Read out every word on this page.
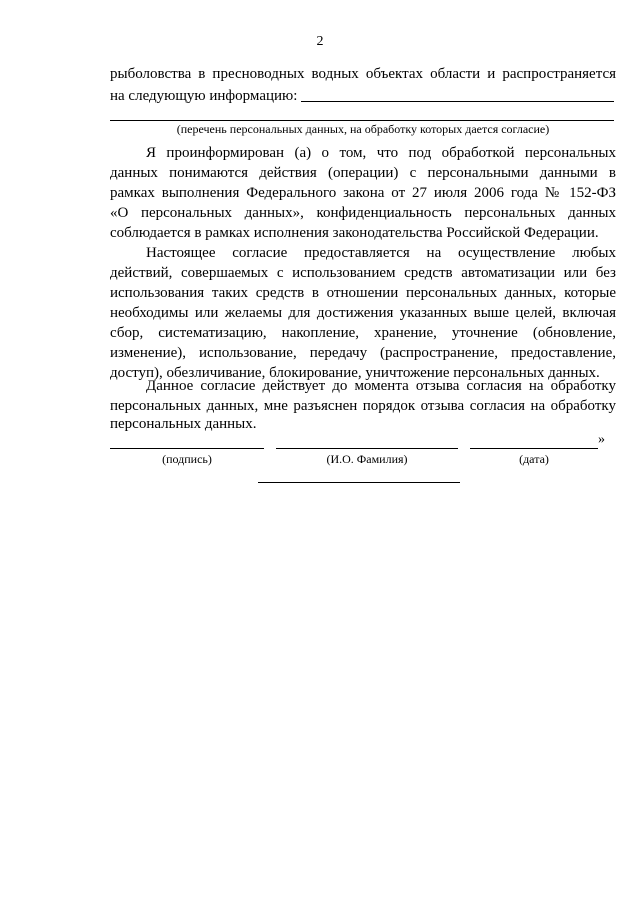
2
рыболовства в пресноводных водных объектах области и распространяется
на следующую информацию:
(перечень персональных данных, на обработку которых дается согласие)
Я проинформирован (а) о том, что под обработкой персональных
данных понимаются действия (операции) с персональными данными в
рамках выполнения Федерального закона от 27 июля 2006 года № 152-ФЗ
«О персональных данных», конфиденциальность персональных данных
соблюдается в рамках исполнения законодательства Российской Федерации.
Настоящее согласие предоставляется на осуществление любых
действий, совершаемых с использованием средств автоматизации или без
использования таких средств в отношении персональных данных, которые
необходимы или желаемы для достижения указанных выше целей, включая
сбор, систематизацию, накопление, хранение, уточнение (обновление,
изменение), использование, передачу (распространение, предоставление,
доступ), обезличивание, блокирование, уничтожение персональных данных.
Данное согласие действует до момента отзыва согласия на обработку
персональных данных, мне разъяснен порядок отзыва согласия на обработку
персональных данных.
»
(подпись)	(И.О. Фамилия)	(дата)
